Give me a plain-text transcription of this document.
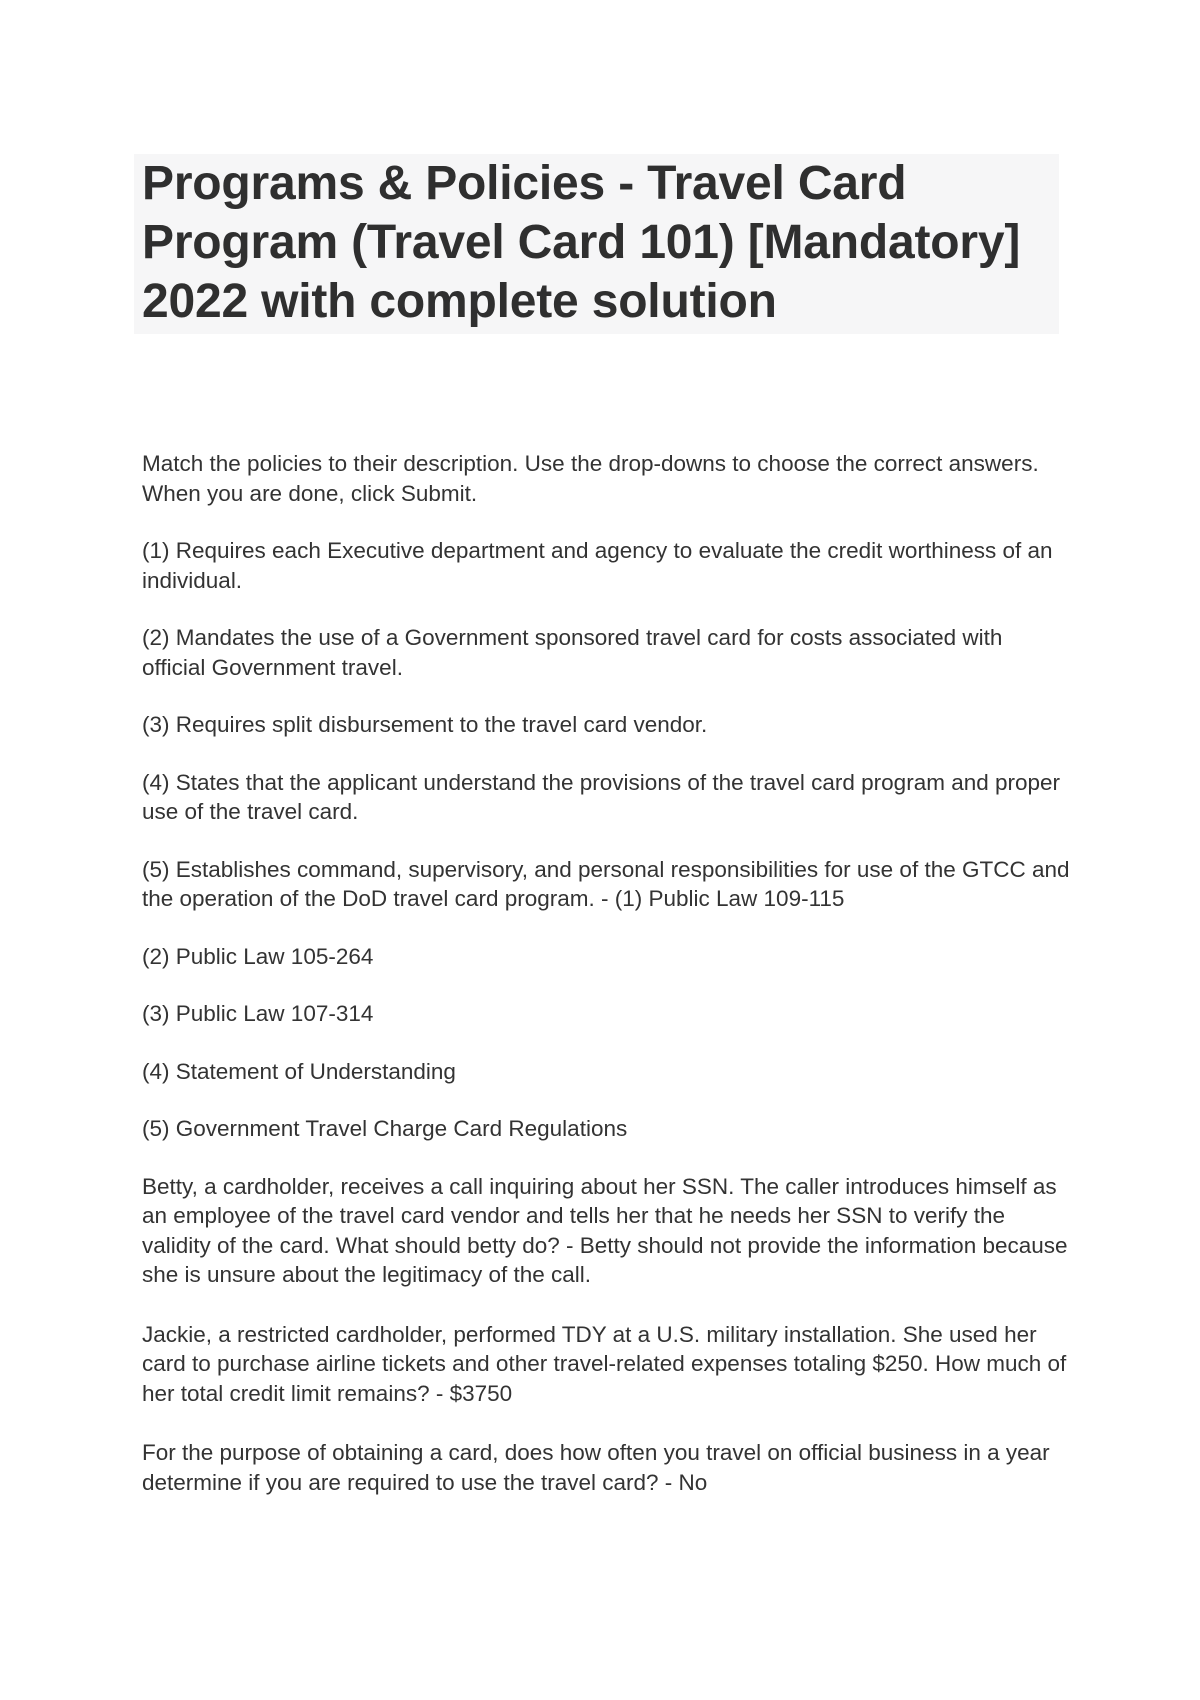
Programs & Policies - Travel Card Program (Travel Card 101) [Mandatory] 2022 with complete solution

Match the policies to their description. Use the drop-downs to choose the correct answers. When you are done, click Submit.

(1) Requires each Executive department and agency to evaluate the credit worthiness of an individual.

(2) Mandates the use of a Government sponsored travel card for costs associated with official Government travel.

(3) Requires split disbursement to the travel card vendor.

(4) States that the applicant understand the provisions of the travel card program and proper use of the travel card.

(5) Establishes command, supervisory, and personal responsibilities for use of the GTCC and the operation of the DoD travel card program. - (1) Public Law 109-115

(2) Public Law 105-264

(3) Public Law 107-314

(4) Statement of Understanding

(5) Government Travel Charge Card Regulations

Betty, a cardholder, receives a call inquiring about her SSN. The caller introduces himself as an employee of the travel card vendor and tells her that he needs her SSN to verify the validity of the card. What should betty do? - Betty should not provide the information because she is unsure about the legitimacy of the call.

Jackie, a restricted cardholder, performed TDY at a U.S. military installation. She used her card to purchase airline tickets and other travel-related expenses totaling $250. How much of her total credit limit remains? - $3750

For the purpose of obtaining a card, does how often you travel on official business in a year determine if you are required to use the travel card? - No
